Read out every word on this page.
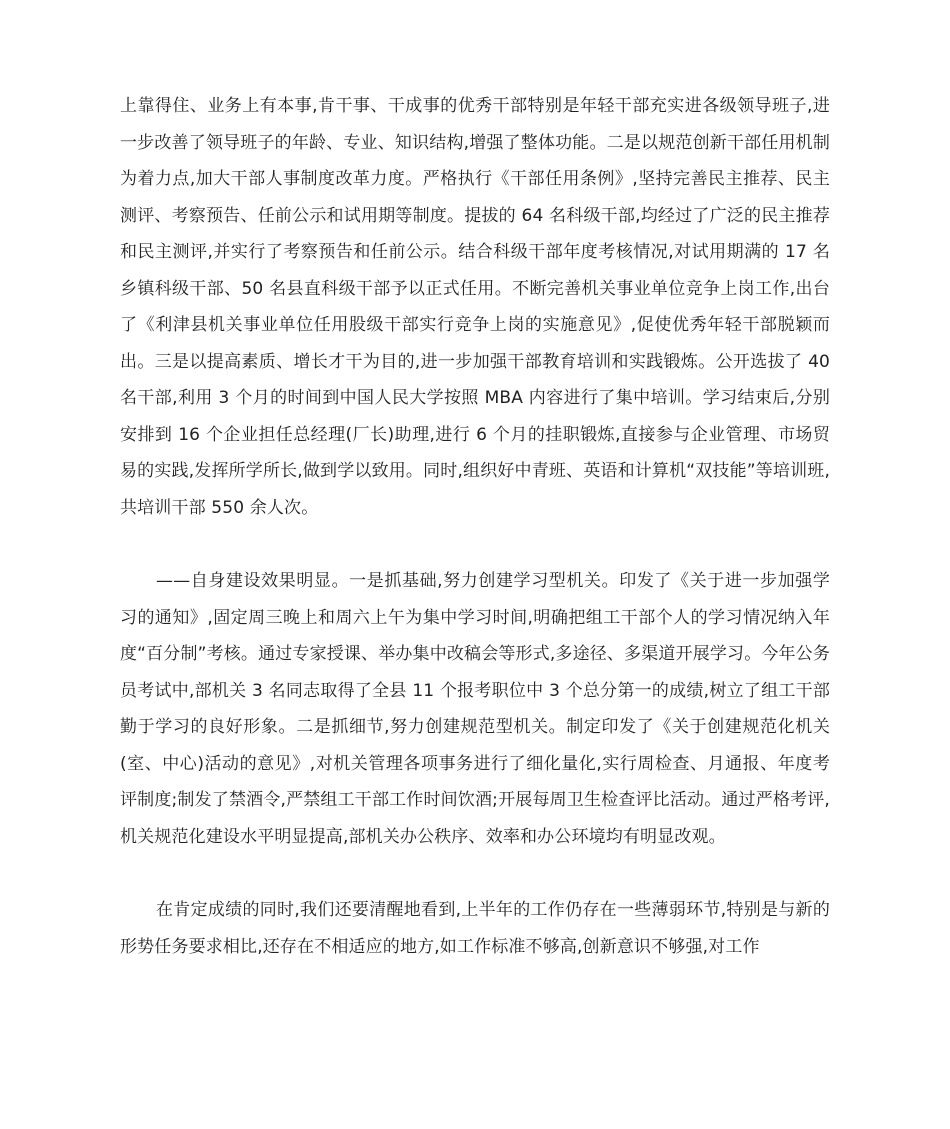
上靠得住、业务上有本事,肯干事、干成事的优秀干部特别是年轻干部充实进各级领导班子,进一步改善了领导班子的年龄、专业、知识结构,增强了整体功能。二是以规范创新干部任用机制为着力点,加大干部人事制度改革力度。严格执行《干部任用条例》,坚持完善民主推荐、民主测评、考察预告、任前公示和试用期等制度。提拔的 64 名科级干部,均经过了广泛的民主推荐和民主测评,并实行了考察预告和任前公示。结合科级干部年度考核情况,对试用期满的 17 名乡镇科级干部、50 名县直科级干部予以正式任用。不断完善机关事业单位竞争上岗工作,出台了《利津县机关事业单位任用股级干部实行竞争上岗的实施意见》,促使优秀年轻干部脱颖而出。三是以提高素质、增长才干为目的,进一步加强干部教育培训和实践锻炼。公开选拔了 40 名干部,利用 3 个月的时间到中国人民大学按照 MBA 内容进行了集中培训。学习结束后,分别安排到 16 个企业担任总经理(厂长)助理,进行 6 个月的挂职锻炼,直接参与企业管理、市场贸易的实践,发挥所学所长,做到学以致用。同时,组织好中青班、英语和计算机“双技能”等培训班,共培训干部 550 余人次。

——自身建设效果明显。一是抓基础,努力创建学习型机关。印发了《关于进一步加强学习的通知》,固定周三晚上和周六上午为集中学习时间,明确把组工干部个人的学习情况纳入年度“百分制”考核。通过专家授课、举办集中改稿会等形式,多途径、多渠道开展学习。今年公务员考试中,部机关 3 名同志取得了全县 11 个报考职位中 3 个总分第一的成绩,树立了组工干部勤于学习的良好形象。二是抓细节,努力创建规范型机关。制定印发了《关于创建规范化机关(室、中心)活动的意见》,对机关管理各项事务进行了细化量化,实行周检查、月通报、年度考评制度;制发了禁酒令,严禁组工干部工作时间饮酒;开展每周卫生检查评比活动。通过严格考评,机关规范化建设水平明显提高,部机关办公秩序、效率和办公环境均有明显改观。

在肯定成绩的同时,我们还要清醒地看到,上半年的工作仍存在一些薄弱环节,特别是与新的形势任务要求相比,还存在不相适应的地方,如工作标准不够高,创新意识不够强,对工作
